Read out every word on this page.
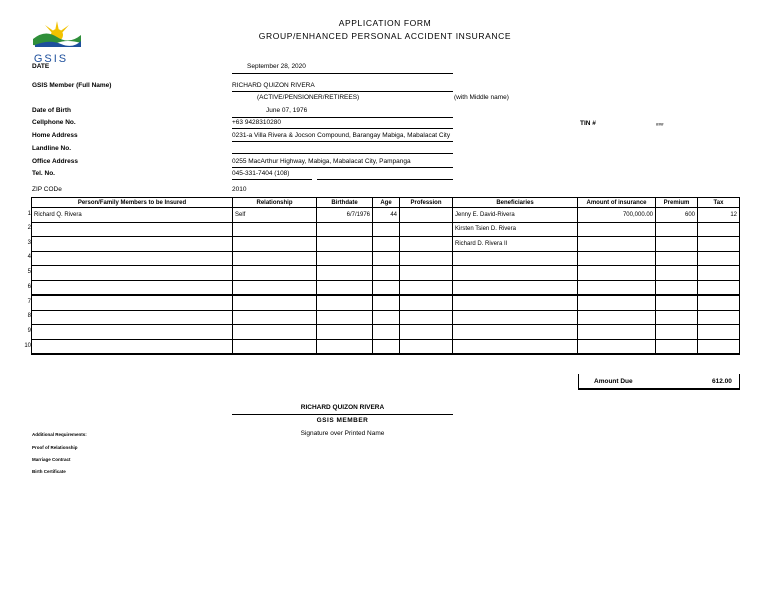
GSIS
APPLICATION FORM
GROUP/ENHANCED PERSONAL ACCIDENT INSURANCE
DATE	September 28, 2020
GSIS Member (Full Name)	RICHARD QUIZON RIVERA
(ACTIVE/PENSIONER/RETIREES)	(with Middle name)
Date of Birth	June 07, 1976
Cellphone No.	+63 9428310280	TIN #	###
Home Address	0231-a Villa Rivera & Jocson Compound, Barangay Mabiga, Mabalacat City
Landline No.
Office Address	0255 MacArthur Highway, Mabiga, Mabalacat City, Pampanga
Tel. No.	045-331-7404 (108)
ZIP CODe	2010
Person/Family Members to be Insured	Relationship	Birthdate	Age	Profession	Beneficiaries	Amount of insurance	Premium	Tax
Richard Q. Rivera	Self	6/7/1976	44		Jenny E. David-Rivera	700,000.00	600	12
					Kirsten Tsien D. Rivera			
					Richard D. Rivera II			

1
2
3
4
5
6
7
8
9
10
Amount Due	612.00
RICHARD QUIZON RIVERA
GSIS MEMBER
Signature over Printed Name
Additional Requirements:
Proof of Relationship
Marriage Contract
Birth Certificate
